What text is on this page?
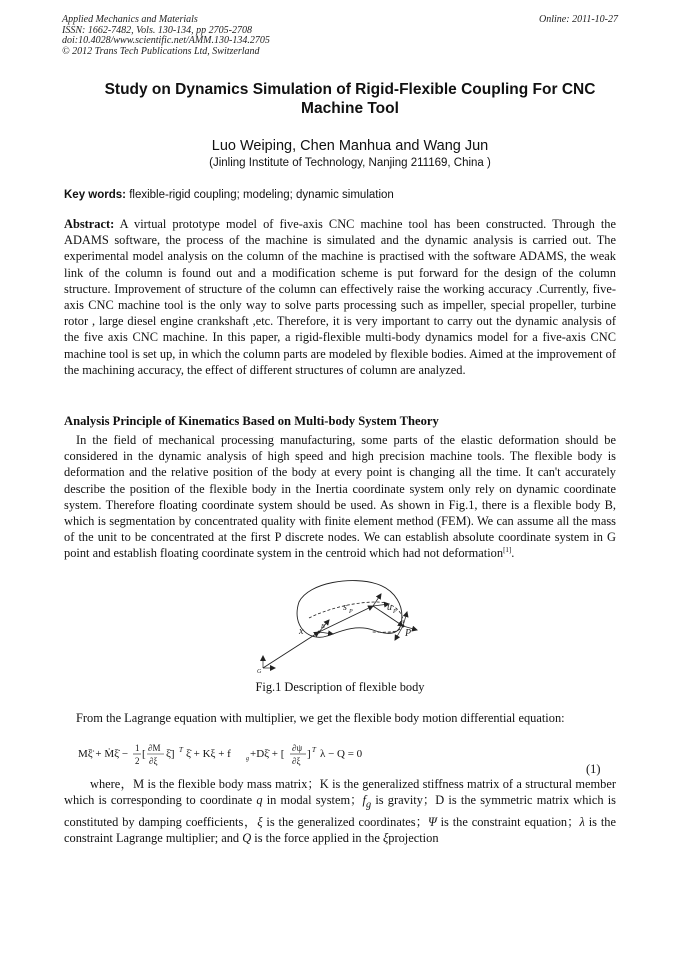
Applied Mechanics and Materials
ISSN: 1662-7482, Vols. 130-134, pp 2705-2708
doi:10.4028/www.scientific.net/AMM.130-134.2705
© 2012 Trans Tech Publications Ltd, Switzerland
Online: 2011-10-27
Study on Dynamics Simulation of Rigid-Flexible Coupling For CNC Machine Tool
Luo Weiping, Chen Manhua and Wang Jun
(Jinling Institute of Technology, Nanjing 211169, China )
Key words: flexible-rigid coupling; modeling; dynamic simulation
Abstract: A virtual prototype model of five-axis CNC machine tool has been constructed. Through the ADAMS software, the process of the machine is simulated and the dynamic analysis is carried out. The experimental model analysis on the column of the machine is practised with the software ADAMS, the weak link of the column is found out and a modification scheme is put forward for the design of the column structure. Improvement of structure of the column can effectively raise the working accuracy .Currently, five-axis CNC machine tool is the only way to solve parts processing such as impeller, special propeller, turbine rotor , large diesel engine crankshaft ,etc. Therefore, it is very important to carry out the dynamic analysis of the five axis CNC machine. In this paper, a rigid-flexible multi-body dynamics model for a five-axis CNC machine tool is set up, in which the column parts are modeled by flexible bodies. Aimed at the improvement of the machining accuracy, the effect of different structures of column are analyzed.
Analysis Principle of Kinematics Based on Multi-body System Theory
In the field of mechanical processing manufacturing, some parts of the elastic deformation should be considered in the dynamic analysis of high speed and high precision machine tools. The flexible body is deformation and the relative position of the body at every point is changing all the time. It can't accurately describe the position of the flexible body in the Inertia coordinate system only rely on dynamic coordinate system. Therefore floating coordinate system should be used. As shown in Fig.1, there is a flexible body B, which is segmentation by concentrated quality with finite element method (FEM). We can assume all the mass of the unit to be concentrated at the first P discrete nodes. We can establish absolute coordinate system in G point and establish floating coordinate system in the centroid which had not deformation[1].
s P	u P
x	B
P
G
Fig.1 Description of flexible body
From the Lagrange equation with multiplier, we get the flexible body motion differential equation:
Mξ̈ + Ṁξ̇ − 1
2
[ ∂M
∂ξ
ξ̇] T ξ̇ + Kξ + f	g +Dξ̇ + [ ∂ψ
∂ξ
] T λ − Q = 0
(1)
where，M is the flexible body mass matrix；K is the generalized stiffness matrix of a structural member which is corresponding to coordinate q in modal system；$f_g$ is gravity；D is the symmetric matrix which is constituted by damping coefficients，ξ is the generalized coordinates；Ψ is the constraint equation；λ is the constraint Lagrange multiplier; and Q is the force applied in the ξprojection
